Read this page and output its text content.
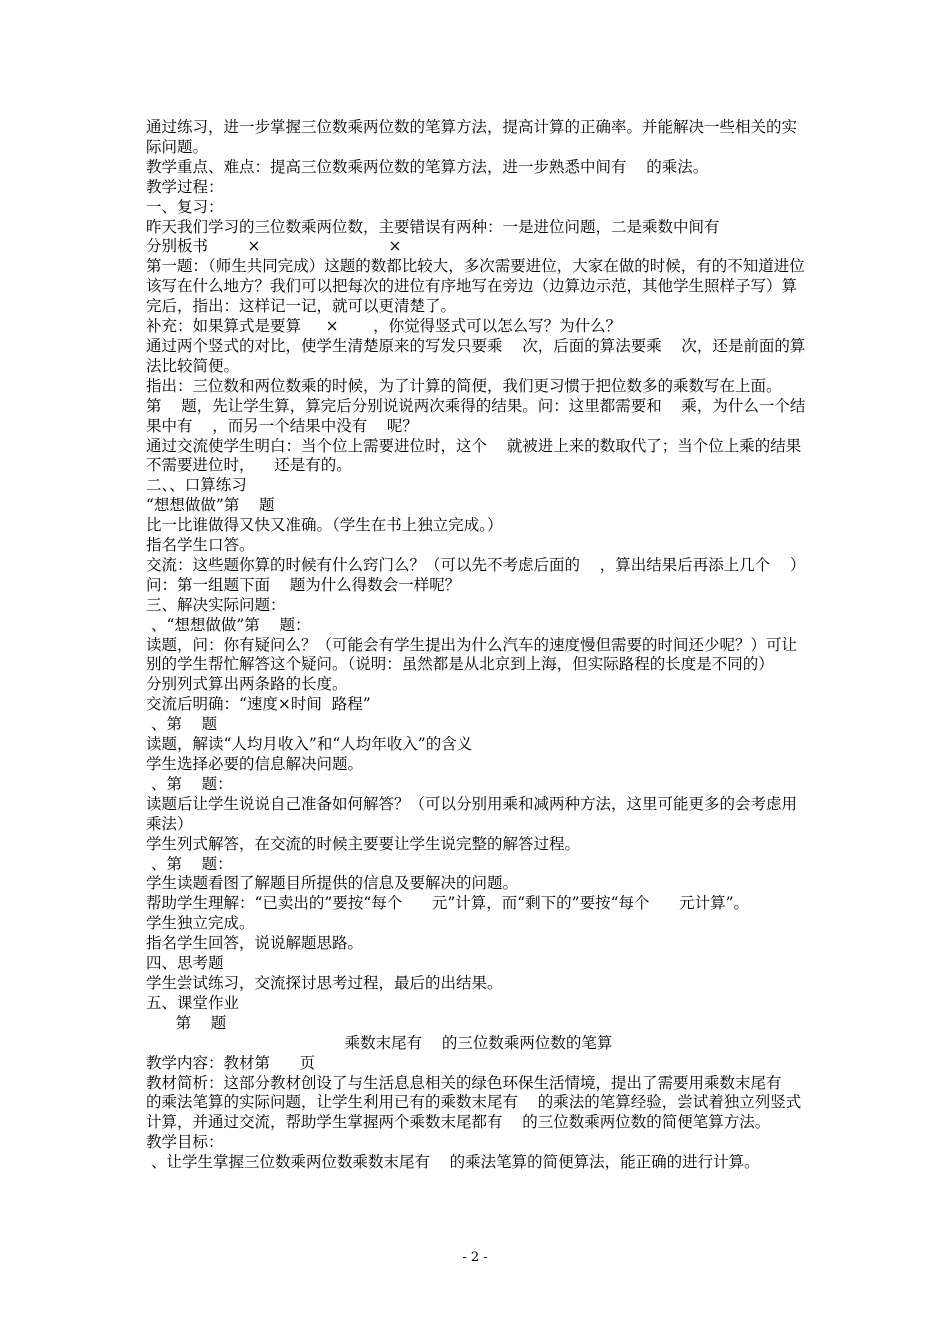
通过练习，进一步掌握三位数乘两位数的笔算方法，提高计算的正确率。并能解决一些相关的实际问题。

教学重点、难点：提高三位数乘两位数的笔算方法，进一步熟悉中间有    的乘法。

教学过程：

一、复习：

昨天我们学习的三位数乘两位数，主要错误有两种：一是进位问题，二是乘数中间有

分别板书        ×                          ×

第一题：（师生共同完成）这题的数都比较大，多次需要进位，大家在做的时候，有的不知道进位该写在什么地方？我们可以把每次的进位有序地写在旁边（边算边示范，其他学生照样子写）算完后，指出：这样记一记，就可以更清楚了。

补充：如果算式是要算     ×       ，你觉得竖式可以怎么写？为什么？

通过两个竖式的对比，使学生清楚原来的写发只要乘    次，后面的算法要乘    次，还是前面的算法比较简便。

指出：三位数和两位数乘的时候，为了计算的简便，我们更习惯于把位数多的乘数写在上面。

第    题，先让学生算，算完后分别说说两次乘得的结果。问：这里都需要和    乘，为什么一个结果中有    ，而另一个结果中没有    呢？

通过交流使学生明白：当个位上需要进位时，这个    就被进上来的数取代了；当个位上乘的结果不需要进位时，    还是有的。

二、、口算练习

“想想做做”第    题

比一比谁做得又快又准确。（学生在书上独立完成。）

指名学生口答。

交流：这些题你算的时候有什么窍门么？（可以先不考虑后面的    ，算出结果后再添上几个    ）

问：第一组题下面    题为什么得数会一样呢？

三、解决实际问题：

、“想想做做”第    题：

读题，问：你有疑问么？（可能会有学生提出为什么汽车的速度慢但需要的时间还少呢？）可让别的学生帮忙解答这个疑问。（说明：虽然都是从北京到上海，但实际路程的长度是不同的）

分别列式算出两条路的长度。

交流后明确：“速度×时间  路程”

、第    题

读题，解读“人均月收入”和“人均年收入”的含义

学生选择必要的信息解决问题。

、第    题：

读题后让学生说说自己准备如何解答？（可以分别用乘和减两种方法，这里可能更多的会考虑用乘法）

学生列式解答，在交流的时候主要要让学生说完整的解答过程。

、第    题：

学生读题看图了解题目所提供的信息及要解决的问题。

帮助学生理解：“已卖出的”要按“每个      元”计算，而“剩下的”要按“每个      元计算”。

学生独立完成。

指名学生回答，说说解题思路。

四、思考题

学生尝试练习，交流探讨思考过程，最后的出结果。

五、课堂作业

第    题

乘数末尾有    的三位数乘两位数的笔算

教学内容：教材第      页

教材简析：这部分教材创设了与生活息息相关的绿色环保生活情境，提出了需要用乘数末尾有    的乘法笔算的实际问题，让学生利用已有的乘数末尾有    的乘法的笔算经验，尝试着独立列竖式计算，并通过交流，帮助学生掌握两个乘数末尾都有    的三位数乘两位数的简便笔算方法。

教学目标：

、让学生掌握三位数乘两位数乘数末尾有    的乘法笔算的简便算法，能正确的进行计算。

- 2 -
